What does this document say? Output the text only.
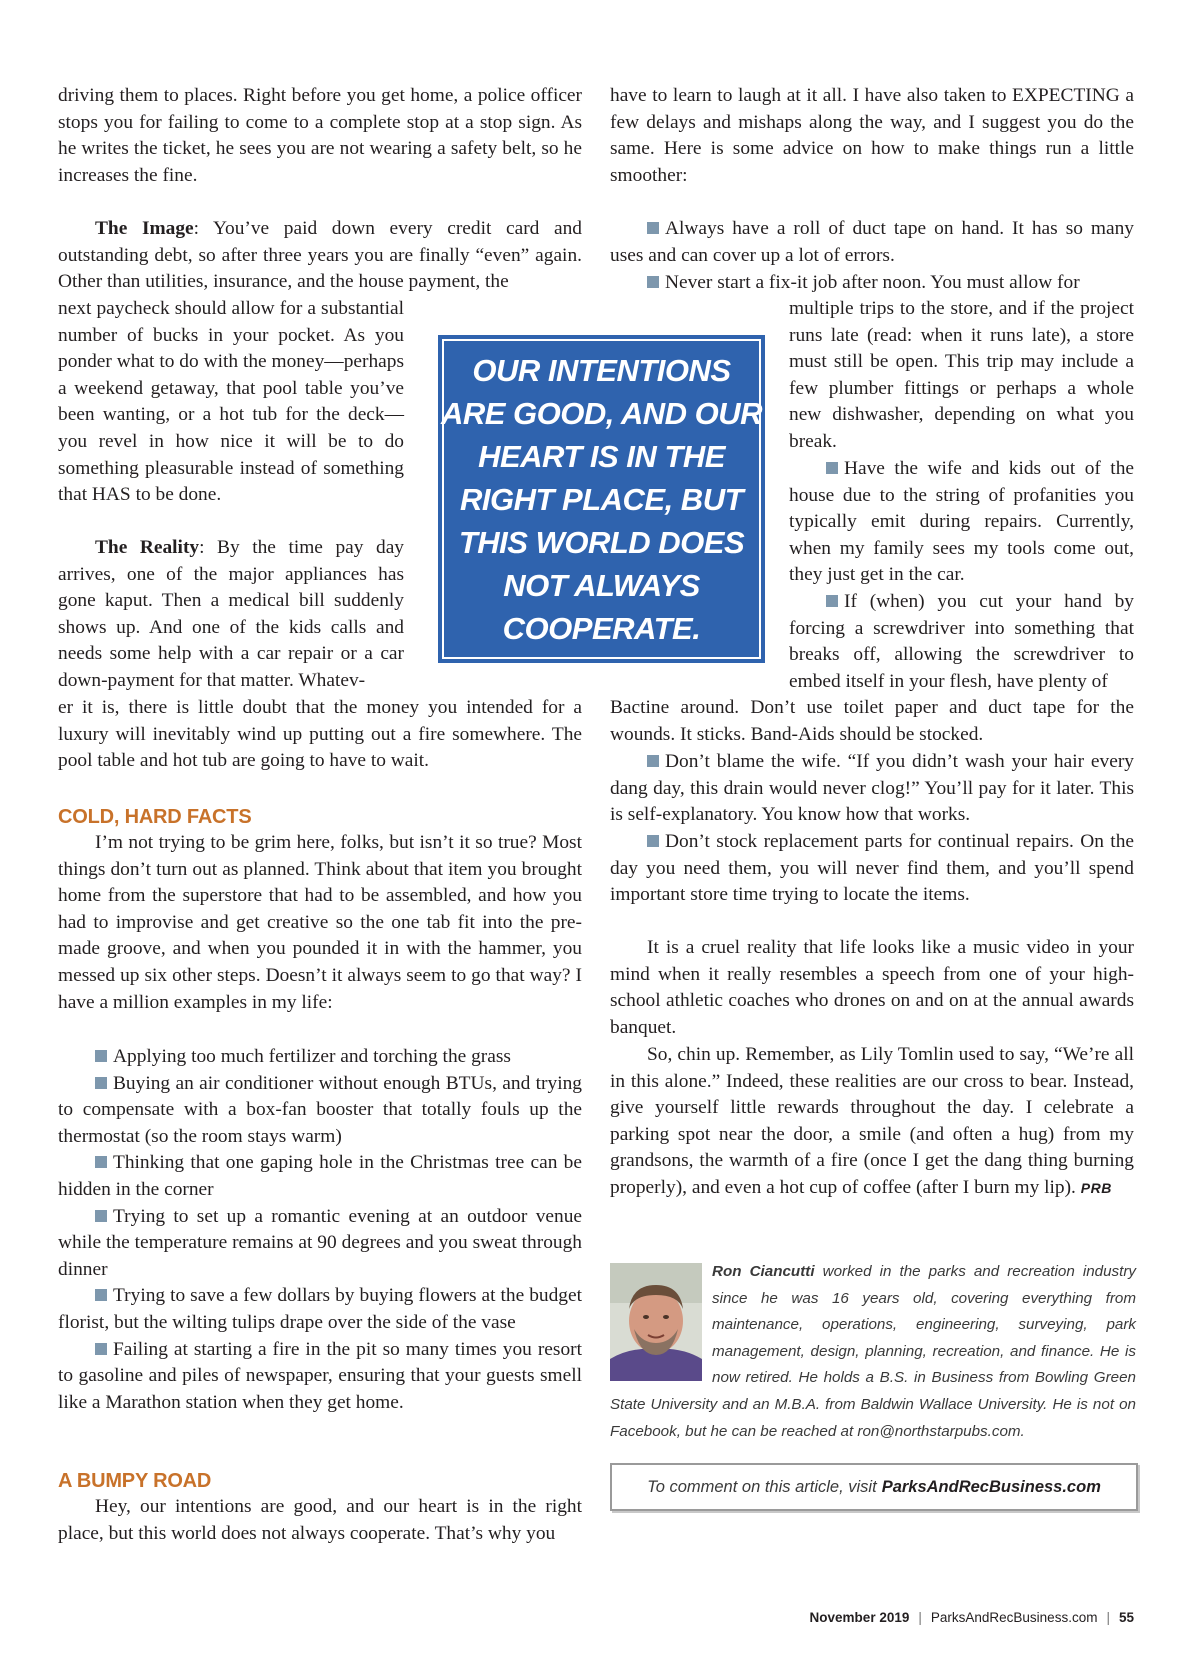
driving them to places. Right before you get home, a police officer stops you for failing to come to a complete stop at a stop sign. As he writes the ticket, he sees you are not wearing a safety belt, so he increases the fine.

The Image: You’ve paid down every credit card and outstanding debt, so after three years you are finally “even” again. Other than utilities, insurance, and the house payment, the

next paycheck should allow for a substantial number of bucks in your pocket. As you ponder what to do with the money—perhaps a weekend getaway, that pool table you’ve been wanting, or a hot tub for the deck—you revel in how nice it will be to do something pleasurable instead of something that HAS to be done.

The Reality: By the time pay day arrives, one of the major appliances has gone kaput. Then a medical bill suddenly shows up. And one of the kids calls and needs some help with a car repair or a car down-payment for that matter. Whatev-

er it is, there is little doubt that the money you intended for a luxury will inevitably wind up putting out a fire somewhere. The pool table and hot tub are going to have to wait.

COLD, HARD FACTS

I’m not trying to be grim here, folks, but isn’t it so true? Most things don’t turn out as planned. Think about that item you brought home from the superstore that had to be assembled, and how you had to improvise and get creative so the one tab fit into the pre-made groove, and when you pounded it in with the hammer, you messed up six other steps. Doesn’t it always seem to go that way? I have a million examples in my life:

Applying too much fertilizer and torching the grass

Buying an air conditioner without enough BTUs, and trying to compensate with a box-fan booster that totally fouls up the thermostat (so the room stays warm)

Thinking that one gaping hole in the Christmas tree can be hidden in the corner

Trying to set up a romantic evening at an outdoor venue while the temperature remains at 90 degrees and you sweat through dinner

Trying to save a few dollars by buying flowers at the budget florist, but the wilting tulips drape over the side of the vase

Failing at starting a fire in the pit so many times you resort to gasoline and piles of newspaper, ensuring that your guests smell like a Marathon station when they get home.

A BUMPY ROAD

Hey, our intentions are good, and our heart is in the right place, but this world does not always cooperate. That’s why you

OUR INTENTIONS ARE GOOD, AND OUR HEART IS IN THE RIGHT PLACE, BUT THIS WORLD DOES NOT ALWAYS COOPERATE.

have to learn to laugh at it all. I have also taken to EXPECTING a few delays and mishaps along the way, and I suggest you do the same. Here is some advice on how to make things run a little smoother:

Always have a roll of duct tape on hand. It has so many uses and can cover up a lot of errors.

Never start a fix-it job after noon. You must allow for

multiple trips to the store, and if the project runs late (read: when it runs late), a store must still be open. This trip may include a few plumber fittings or perhaps a whole new dishwasher, depending on what you break.

Have the wife and kids out of the house due to the string of profanities you typically emit during repairs. Currently, when my family sees my tools come out, they just get in the car.

If (when) you cut your hand by forcing a screwdriver into something that breaks off, allowing the screwdriver to embed itself in your flesh, have plenty of

Bactine around. Don’t use toilet paper and duct tape for the wounds. It sticks. Band-Aids should be stocked.

Don’t blame the wife. “If you didn’t wash your hair every dang day, this drain would never clog!” You’ll pay for it later. This is self-explanatory. You know how that works.

Don’t stock replacement parts for continual repairs. On the day you need them, you will never find them, and you’ll spend important store time trying to locate the items.

It is a cruel reality that life looks like a music video in your mind when it really resembles a speech from one of your high-school athletic coaches who drones on and on at the annual awards banquet.

So, chin up. Remember, as Lily Tomlin used to say, “We’re all in this alone.” Indeed, these realities are our cross to bear. Instead, give yourself little rewards throughout the day. I celebrate a parking spot near the door, a smile (and often a hug) from my grandsons, the warmth of a fire (once I get the dang thing burning properly), and even a hot cup of coffee (after I burn my lip). PRB

Ron Ciancutti worked in the parks and recreation industry since he was 16 years old, covering everything from maintenance, operations, engineering, surveying, park management, design, planning, recreation, and finance. He is now retired. He holds a B.S. in Business from Bowling Green State University and an M.B.A. from Baldwin Wallace University. He is not on Facebook, but he can be reached at ron@northstarpubs.com.
To comment on this article, visit ParksAndRecBusiness.com
November 2019 | ParksAndRecBusiness.com | 55
